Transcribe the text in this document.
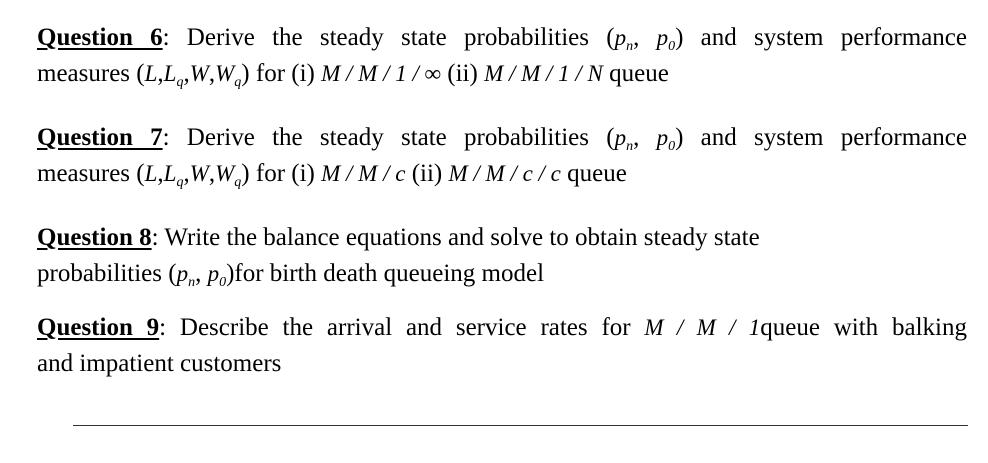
Question 6: Derive the steady state probabilities ($p_n$, $p_0$) and system performance
measures $(L,L_q,W,W_q)$ for (i) M / M / 1 / ∞ (ii) M / M / 1 / N queue
Question 7: Derive the steady state probabilities ($p_n$, $p_0$) and system performance
measures $(L,L_q,W,W_q)$ for (i) M / M / c (ii) M / M / c / c queue
Question 8: Write the balance equations and solve to obtain steady state
probabilities ($p_n$, $p_0)for$ birth death queueing model
Question 9: Describe the arrival and service rates for M / M / 1queue with balking
and impatient customers
